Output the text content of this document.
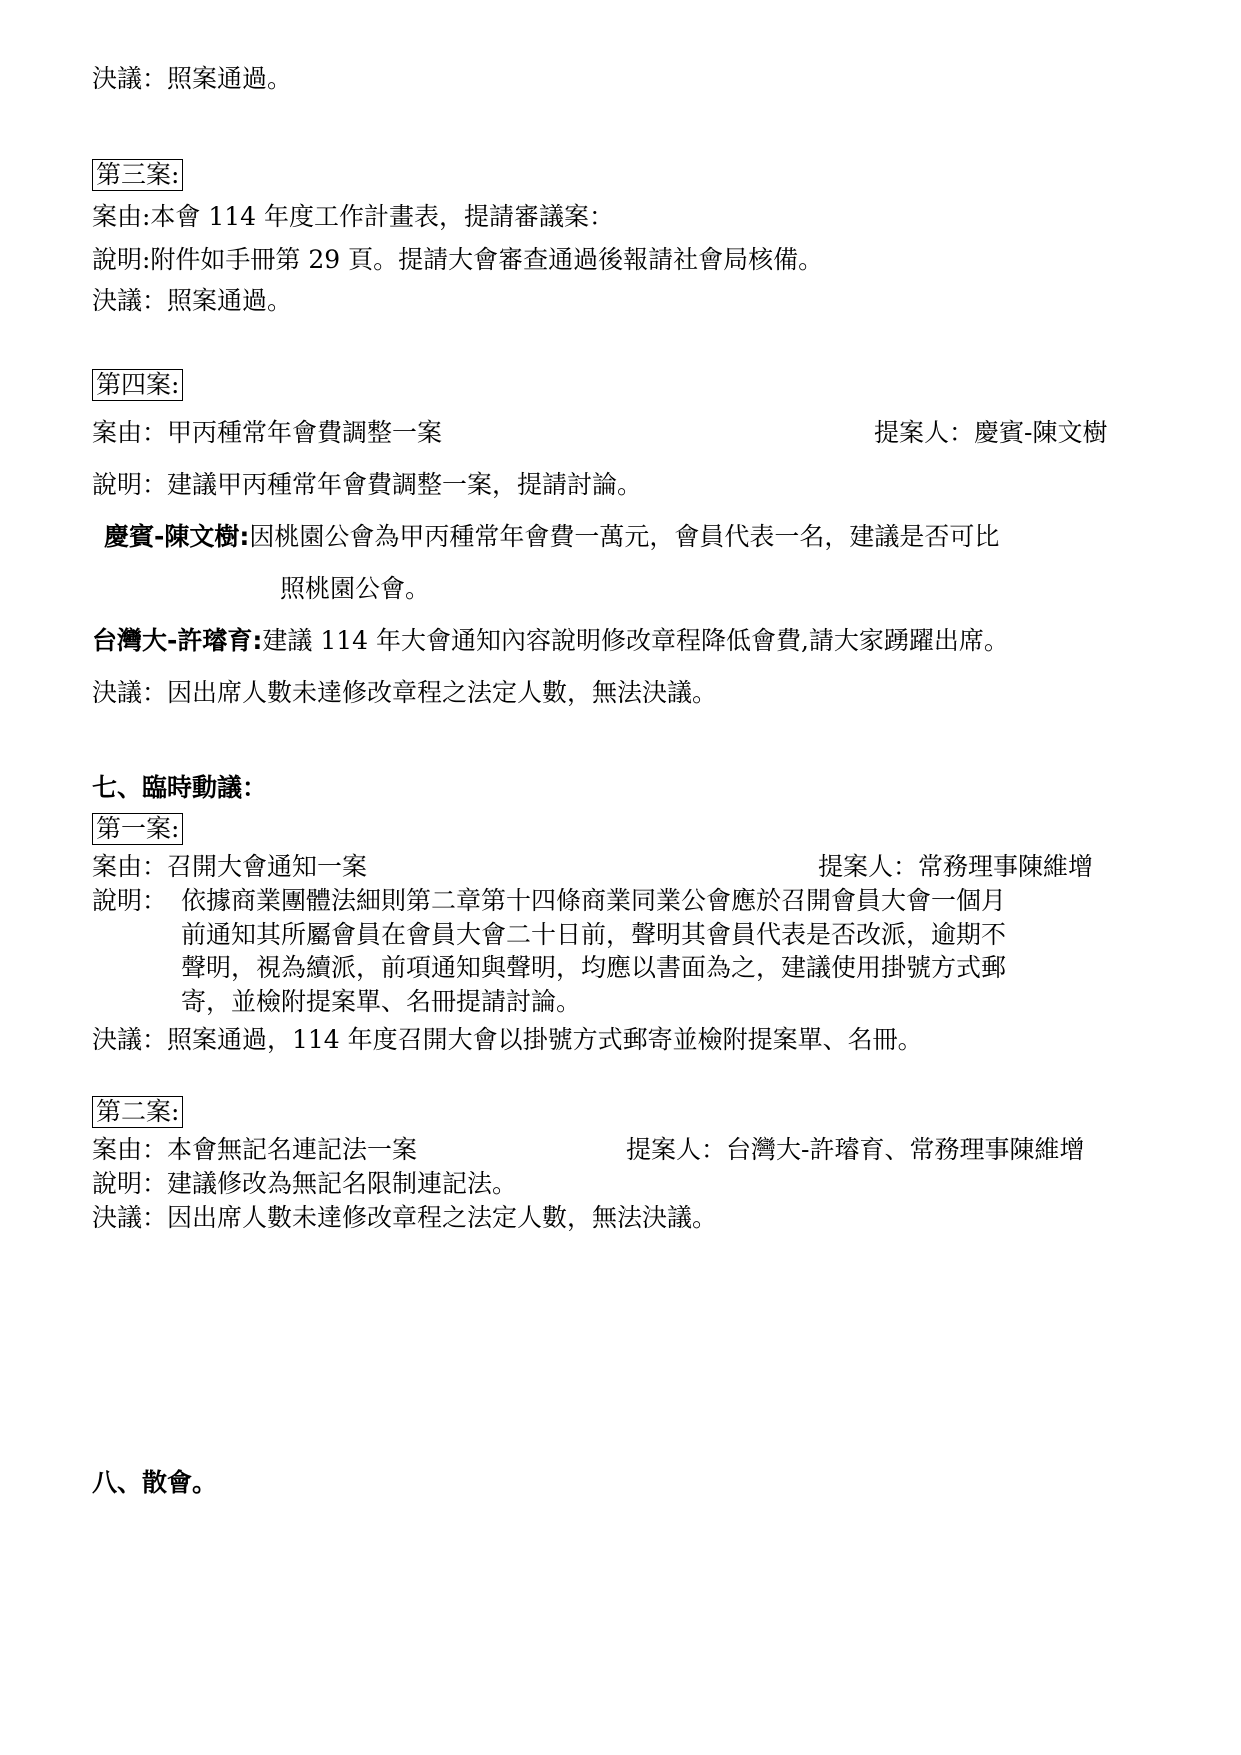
決議：照案通過。
第三案:
案由:本會 114 年度工作計畫表，提請審議案：
說明:附件如手冊第 29 頁。提請大會審查通過後報請社會局核備。
決議：照案通過。
第四案:
案由：甲丙種常年會費調整一案	提案人：慶賓-陳文樹
說明：建議甲丙種常年會費調整一案，提請討論。
慶賓-陳文樹:因桃園公會為甲丙種常年會費一萬元，會員代表一名，建議是否可比
照桃園公會。
台灣大-許璿育:建議 114 年大會通知內容說明修改章程降低會費,請大家踴躍出席。
決議：因出席人數未達修改章程之法定人數，無法決議。
七、臨時動議：
第一案:
案由：召開大會通知一案	提案人：常務理事陳維增
說明： 依據商業團體法細則第二章第十四條商業同業公會應於召開會員大會一個月
前通知其所屬會員在會員大會二十日前，聲明其會員代表是否改派，逾期不
聲明，視為續派，前項通知與聲明，均應以書面為之，建議使用掛號方式郵
寄，並檢附提案單、名冊提請討論。
決議：照案通過，114 年度召開大會以掛號方式郵寄並檢附提案單、名冊。
第二案:
案由：本會無記名連記法一案	提案人：台灣大-許璿育、常務理事陳維增
說明：建議修改為無記名限制連記法。
決議：因出席人數未達修改章程之法定人數，無法決議。
八、散會。
